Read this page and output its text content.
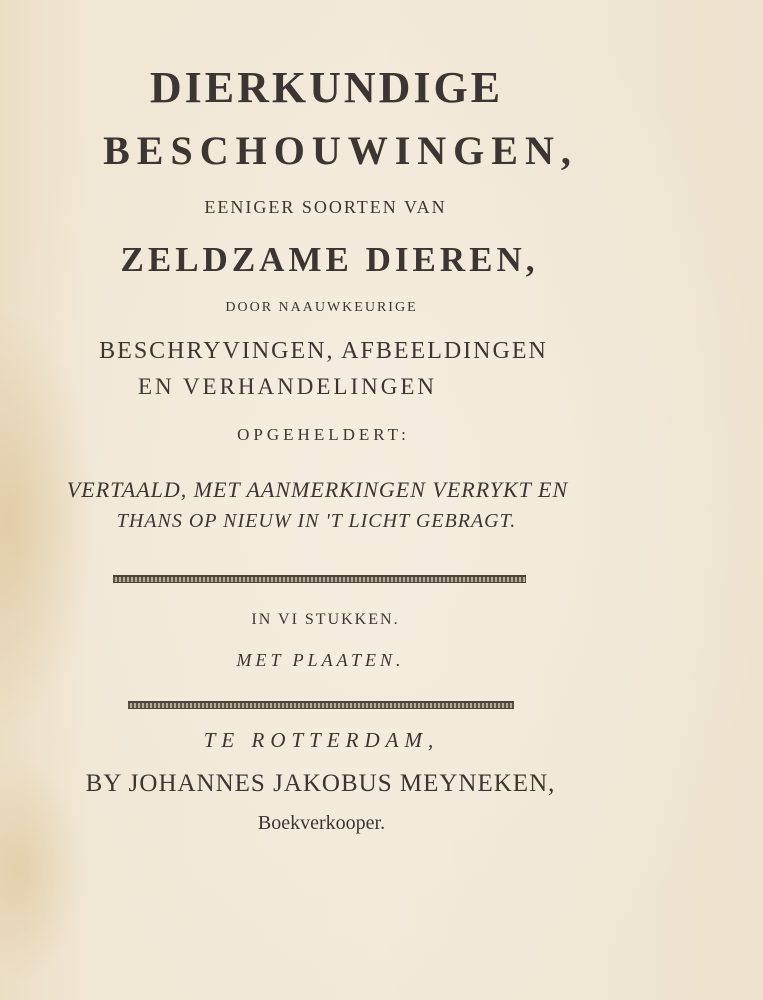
DIERKUNDIGE
BESCHOUWINGEN,
EENIGER SOORTEN VAN
ZELDZAME DIEREN,
DOOR NAAUWKEURIGE
BESCHRYVINGEN, AFBEELDINGEN
EN VERHANDELINGEN
OPGEHELDERT:
VERTAALD, MET AANMERKINGEN VERRYKT EN
THANS OP NIEUW IN 'T LICHT GEBRAGT.
IN VI STUKKEN.
MET PLAATEN.
TE ROTTERDAM,
BY JOHANNES JAKOBUS MEYNEKEN,
Boekverkooper.
